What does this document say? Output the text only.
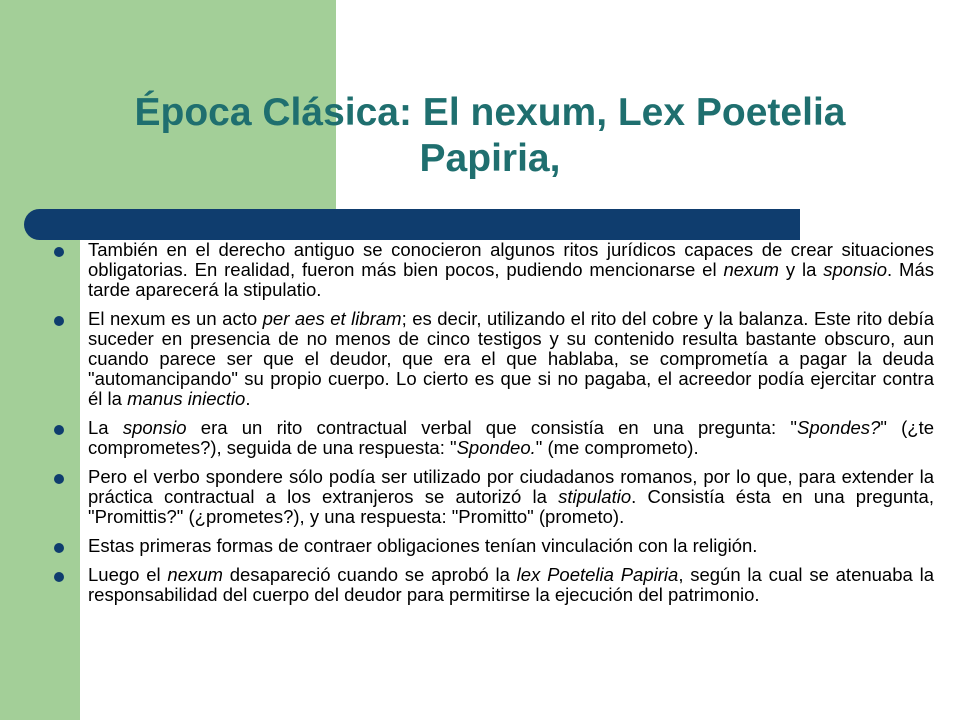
Época Clásica: El nexum, Lex Poetelia
Papiria,
También en el derecho antiguo se conocieron algunos ritos jurídicos capaces de crear situaciones obligatorias. En realidad, fueron más bien pocos, pudiendo mencionarse el nexum y la sponsio. Más tarde aparecerá la stipulatio.
El nexum es un acto per aes et libram; es decir, utilizando el rito del cobre y la balanza. Este rito debía suceder en presencia de no menos de cinco testigos y su contenido resulta bastante obscuro, aun cuando parece ser que el deudor, que era el que hablaba, se comprometía a pagar la deuda "automancipando" su propio cuerpo. Lo cierto es que si no pagaba, el acreedor podía ejercitar contra él la manus iniectio.
La sponsio era un rito contractual verbal que consistía en una pregunta: "Spondes?" (¿te comprometes?), seguida de una respuesta: "Spondeo." (me comprometo).
Pero el verbo spondere sólo podía ser utilizado por ciudadanos romanos, por lo que, para extender la práctica contractual a los extranjeros se autorizó la stipulatio. Consistía ésta en una pregunta, "Promittis?" (¿prometes?), y una respuesta: "Promitto" (prometo).
Estas primeras formas de contraer obligaciones tenían vinculación con la religión.
Luego el nexum desapareció cuando se aprobó la lex Poetelia Papiria, según la cual se atenuaba la responsabilidad del cuerpo del deudor para permitirse la ejecución del patrimonio.
